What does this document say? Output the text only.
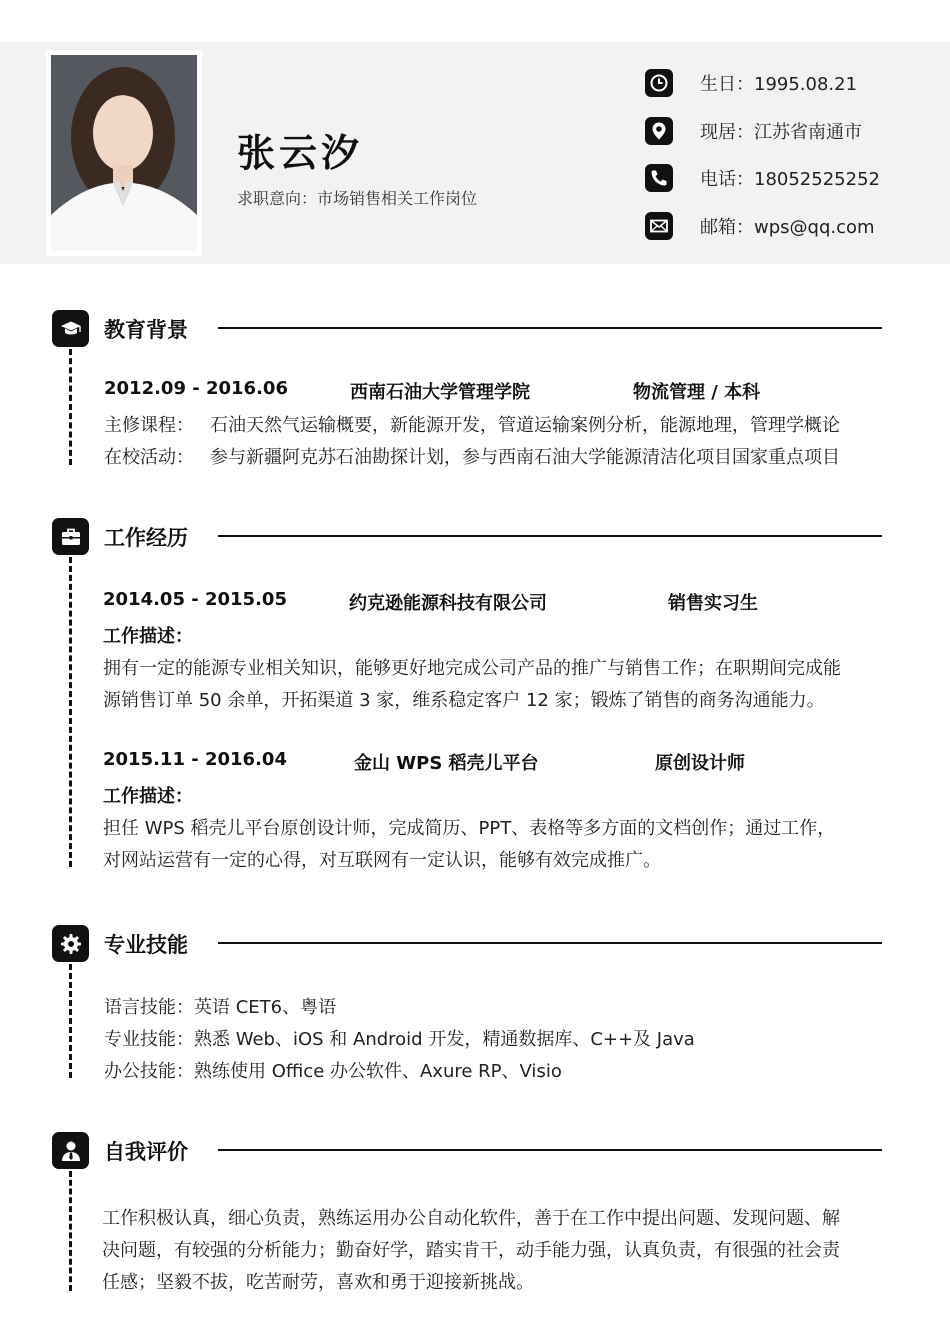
张云汐
求职意向：市场销售相关工作岗位
生日：1995.08.21
现居：江苏省南通市
电话：18052525252
邮箱：wps@qq.com
教育背景
2012.09 - 2016.06	西南石油大学管理学院	物流管理 / 本科
主修课程： 石油天然气运输概要，新能源开发，管道运输案例分析，能源地理，管理学概论
在校活动： 参与新疆阿克苏石油勘探计划，参与西南石油大学能源清洁化项目国家重点项目
工作经历
2014.05 - 2015.05	约克逊能源科技有限公司	销售实习生
工作描述：
拥有一定的能源专业相关知识，能够更好地完成公司产品的推广与销售工作；在职期间完成能
源销售订单 50 余单，开拓渠道 3 家，维系稳定客户 12 家；锻炼了销售的商务沟通能力。
2015.11 - 2016.04	金山 WPS 稻壳儿平台	原创设计师
工作描述：
担任 WPS 稻壳儿平台原创设计师，完成简历、PPT、表格等多方面的文档创作；通过工作，
对网站运营有一定的心得，对互联网有一定认识，能够有效完成推广。
专业技能
语言技能：英语 CET6、粤语
专业技能：熟悉 Web、iOS 和 Android 开发，精通数据库、C++及 Java
办公技能：熟练使用 Office 办公软件、Axure RP、Visio
自我评价
工作积极认真，细心负责，熟练运用办公自动化软件，善于在工作中提出问题、发现问题、解
决问题，有较强的分析能力；勤奋好学，踏实肯干，动手能力强，认真负责，有很强的社会责
任感；坚毅不拔，吃苦耐劳，喜欢和勇于迎接新挑战。
